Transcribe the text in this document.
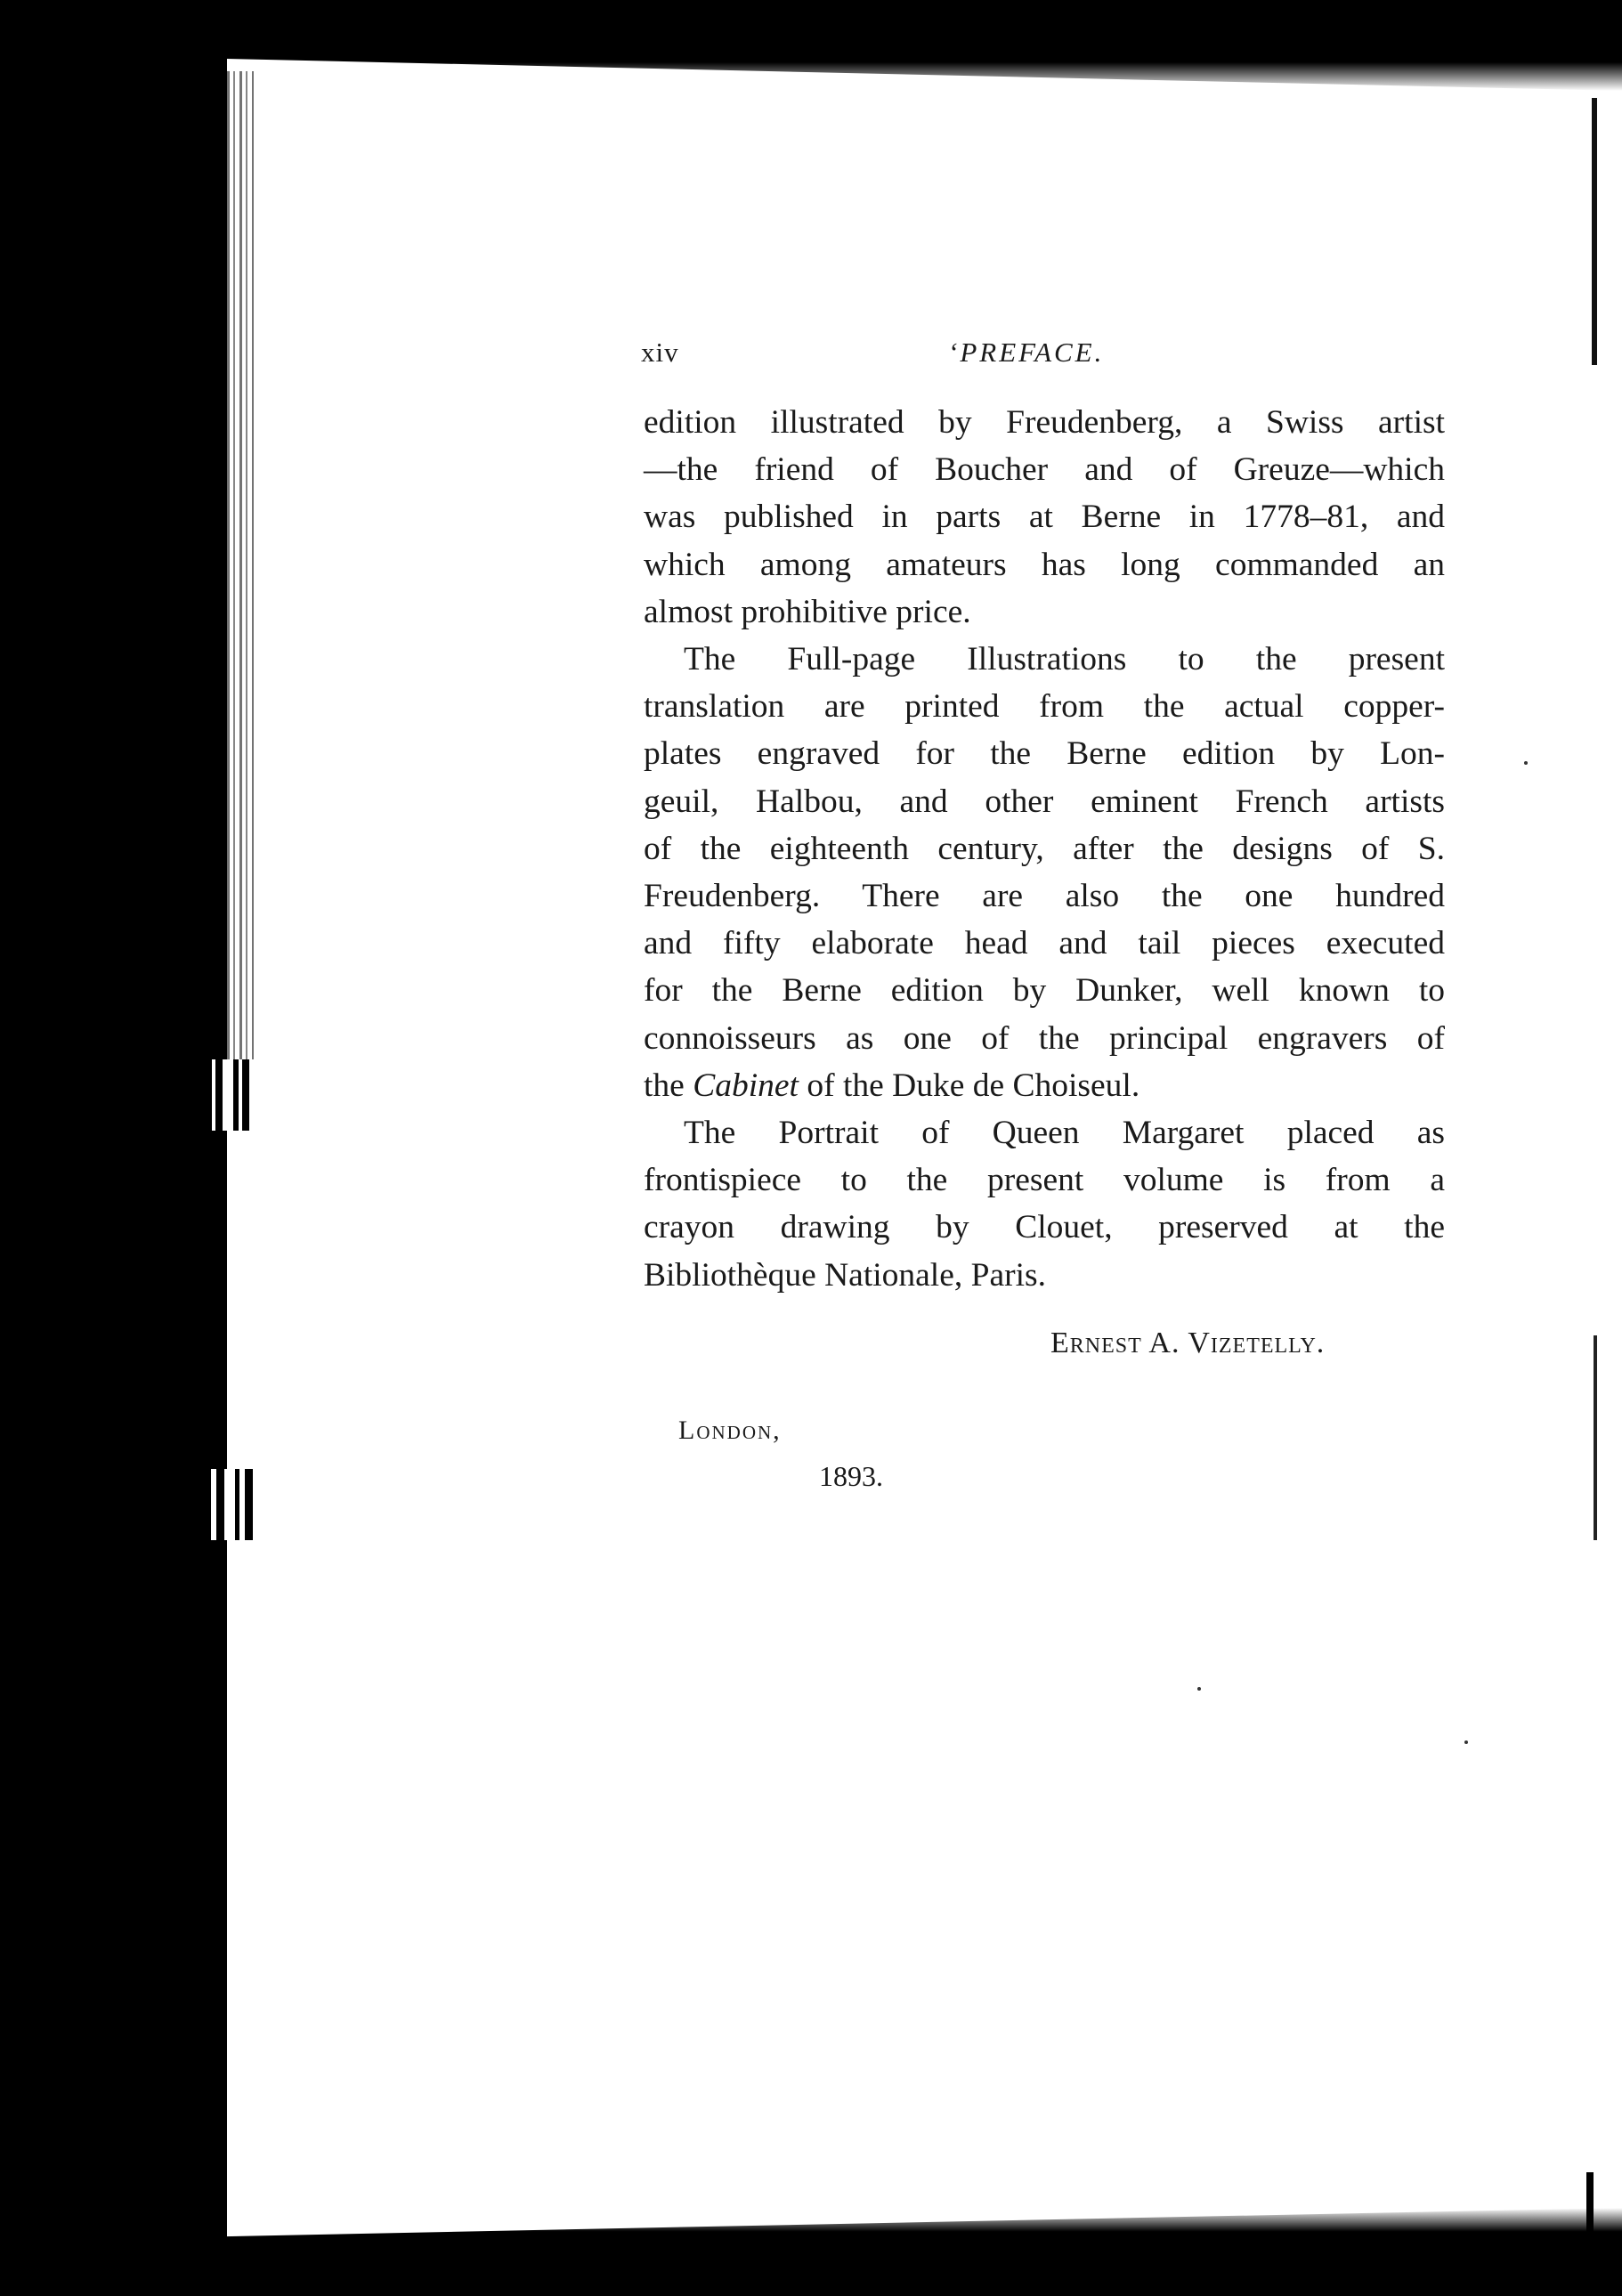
xiv	‘PREFACE.

edition illustrated by Freudenberg, a Swiss artist
—the friend of Boucher and of Greuze—which
was published in parts at Berne in 1778–81, and
which among amateurs has long commanded an
almost prohibitive price.

The Full-page Illustrations to the present
translation are printed from the actual copper-
plates engraved for the Berne edition by Lon-
geuil, Halbou, and other eminent French artists
of the eighteenth century, after the designs of S.
Freudenberg. There are also the one hundred
and fifty elaborate head and tail pieces executed
for the Berne edition by Dunker, well known to
connoisseurs as one of the principal engravers of
the Cabinet of the Duke de Choiseul.

The Portrait of Queen Margaret placed as
frontispiece to the present volume is from a
crayon drawing by Clouet, preserved at the
Bibliothèque Nationale, Paris.

Ernest A. Vizetelly.
London,
1893.
